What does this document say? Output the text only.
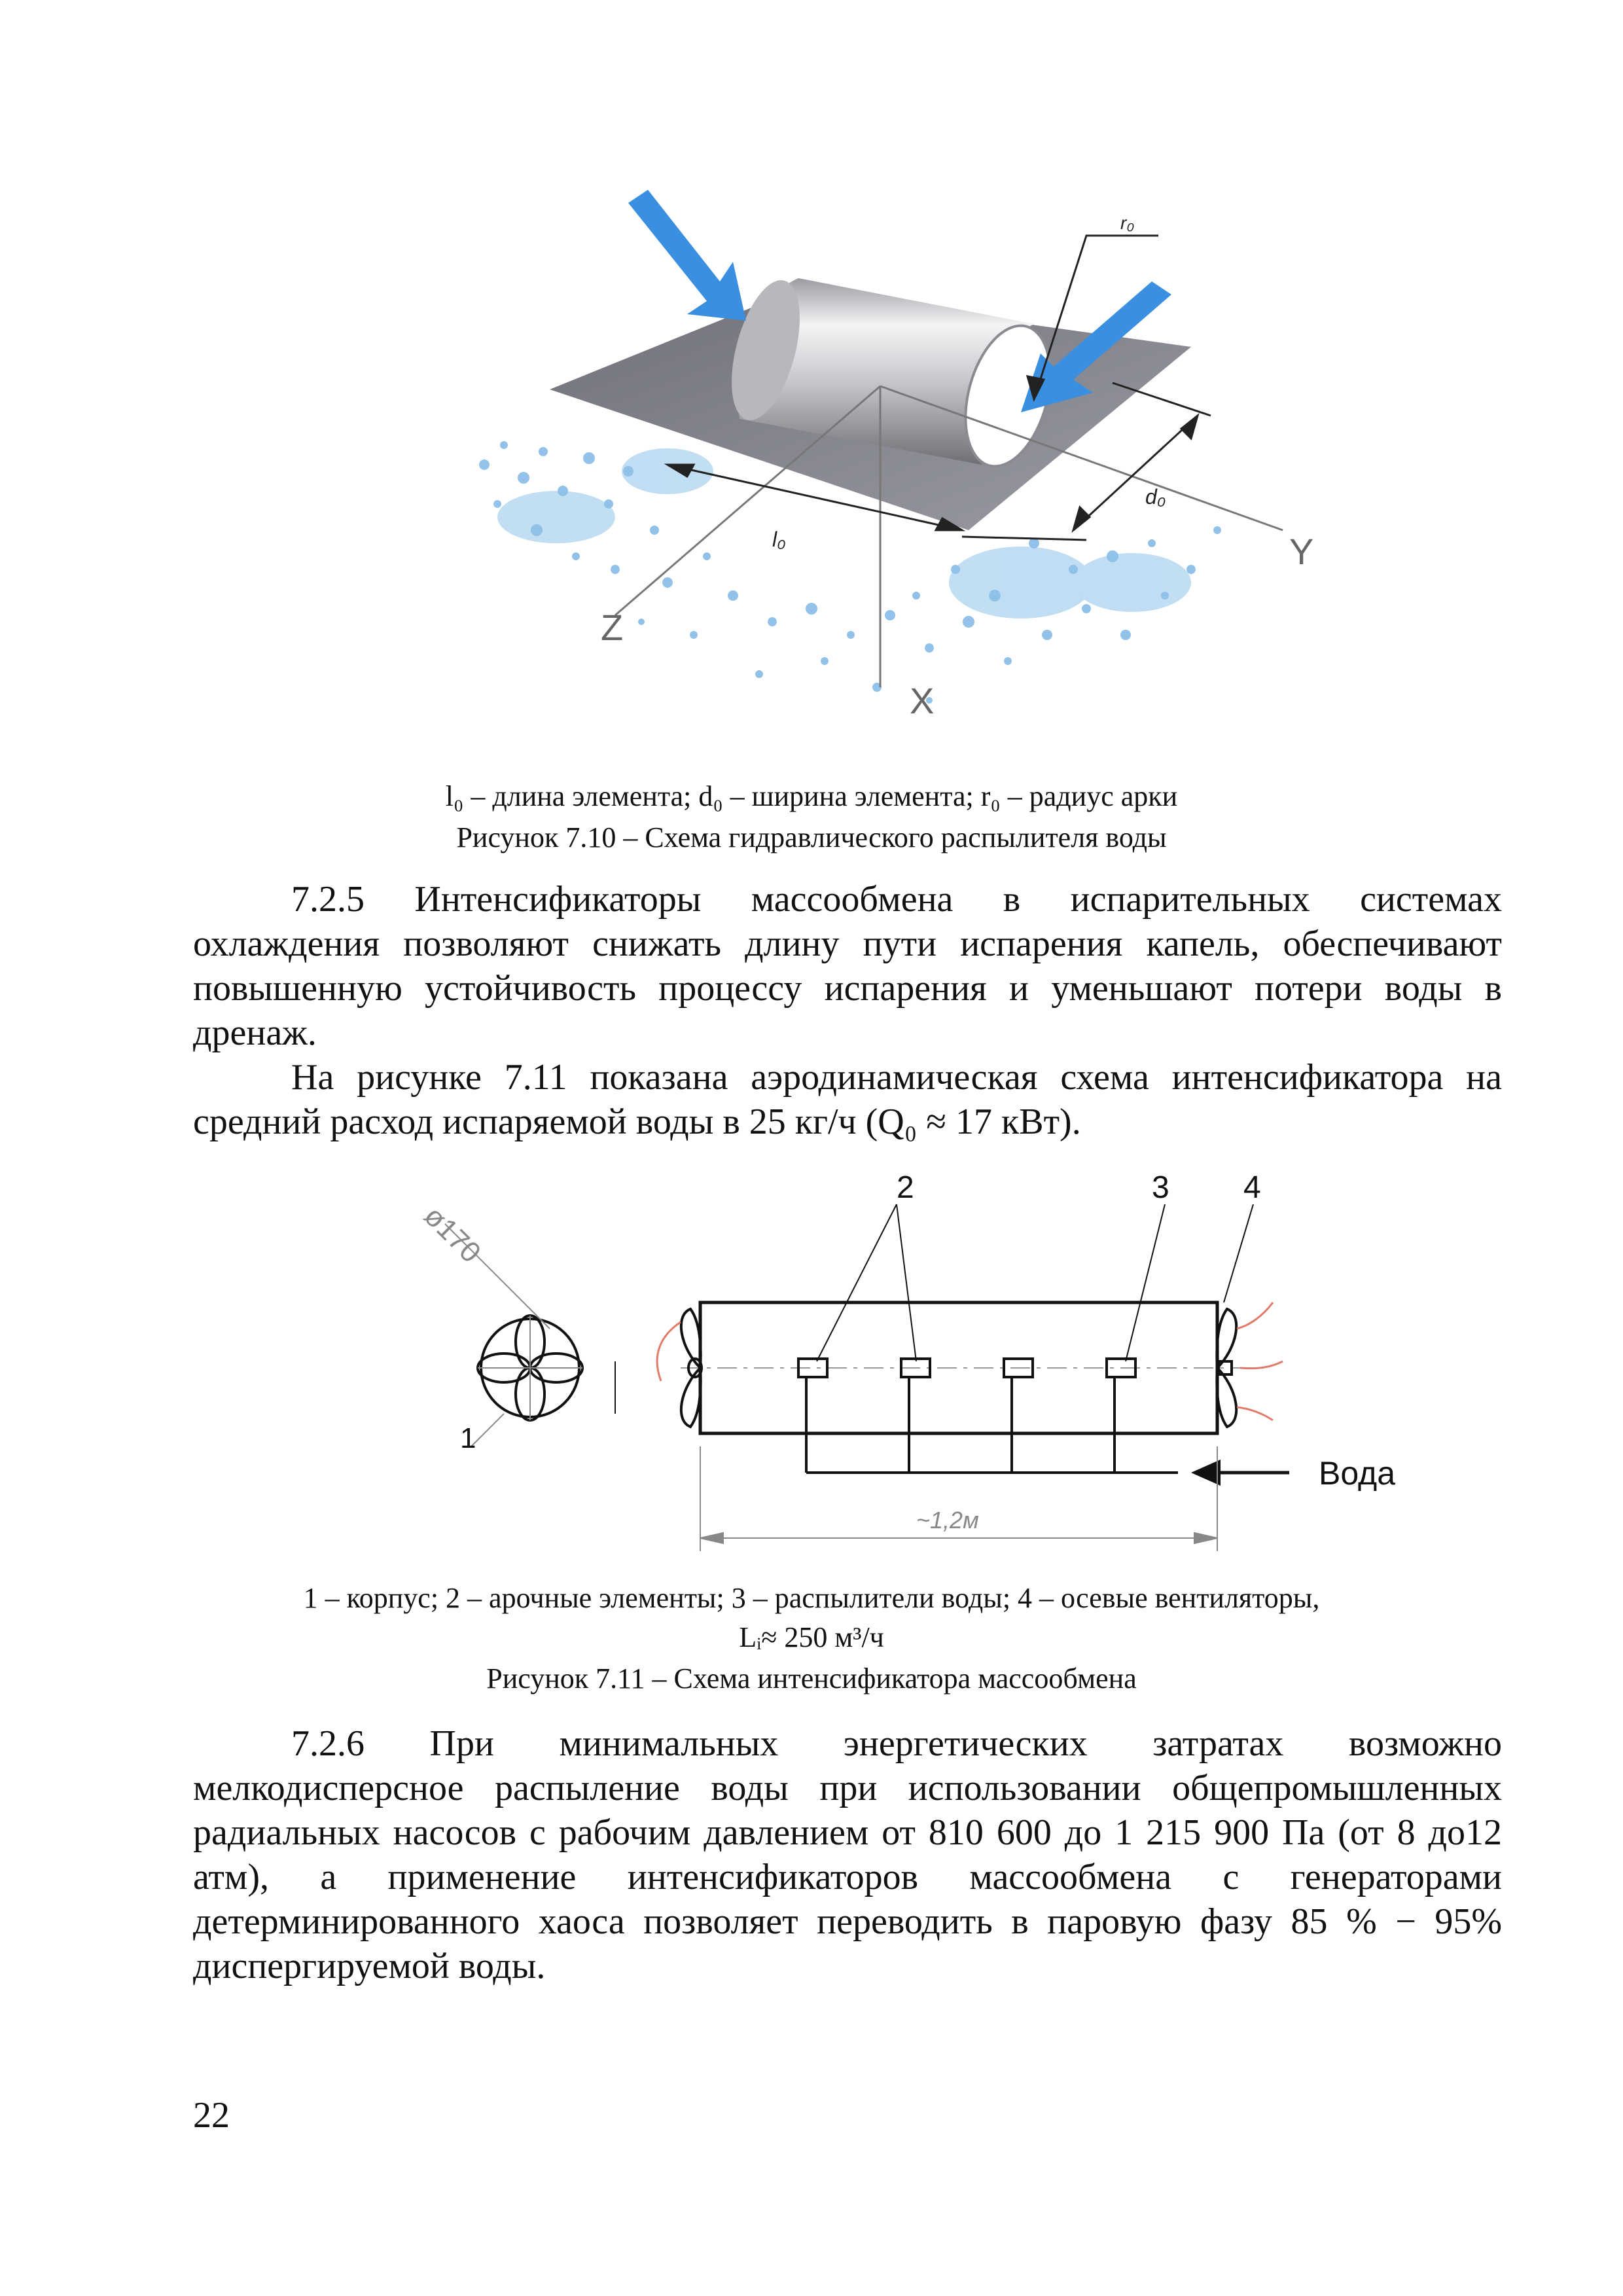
r₀
Y
Z
X
l₀
d₀
l₀ – длина элемента; d₀ – ширина элемента; r₀ – радиус арки
Рисунок 7.10 – Схема гидравлического распылителя воды
7.2.5 Интенсификаторы массообмена в испарительных системах
охлаждения позволяют снижать длину пути испарения капель, обеспечивают
повышенную устойчивость процессу испарения и уменьшают потери воды в
дренаж.
На рисунке 7.11 показана аэродинамическая схема интенсификатора на
средний расход испаряемой воды в 25 кг/ч (Q₀ ≈ 17 кВт).
ø170
1
Вода
2	3 4
~1,2м
1 – корпус; 2 – арочные элементы; 3 – распылители воды; 4 – осевые вентиляторы,
Lᵢ≈ 250 м³/ч
Рисунок 7.11 – Схема интенсификатора массообмена
7.2.6 При минимальных энергетических затратах возможно
мелкодисперсное распыление воды при использовании общепромышленных
радиальных насосов с рабочим давлением от 810 600 до 1 215 900 Па (от 8 до12
атм), а применение интенсификаторов массообмена с генераторами
детерминированного хаоса позволяет переводить в паровую фазу 85 % − 95%
диспергируемой воды.
22
